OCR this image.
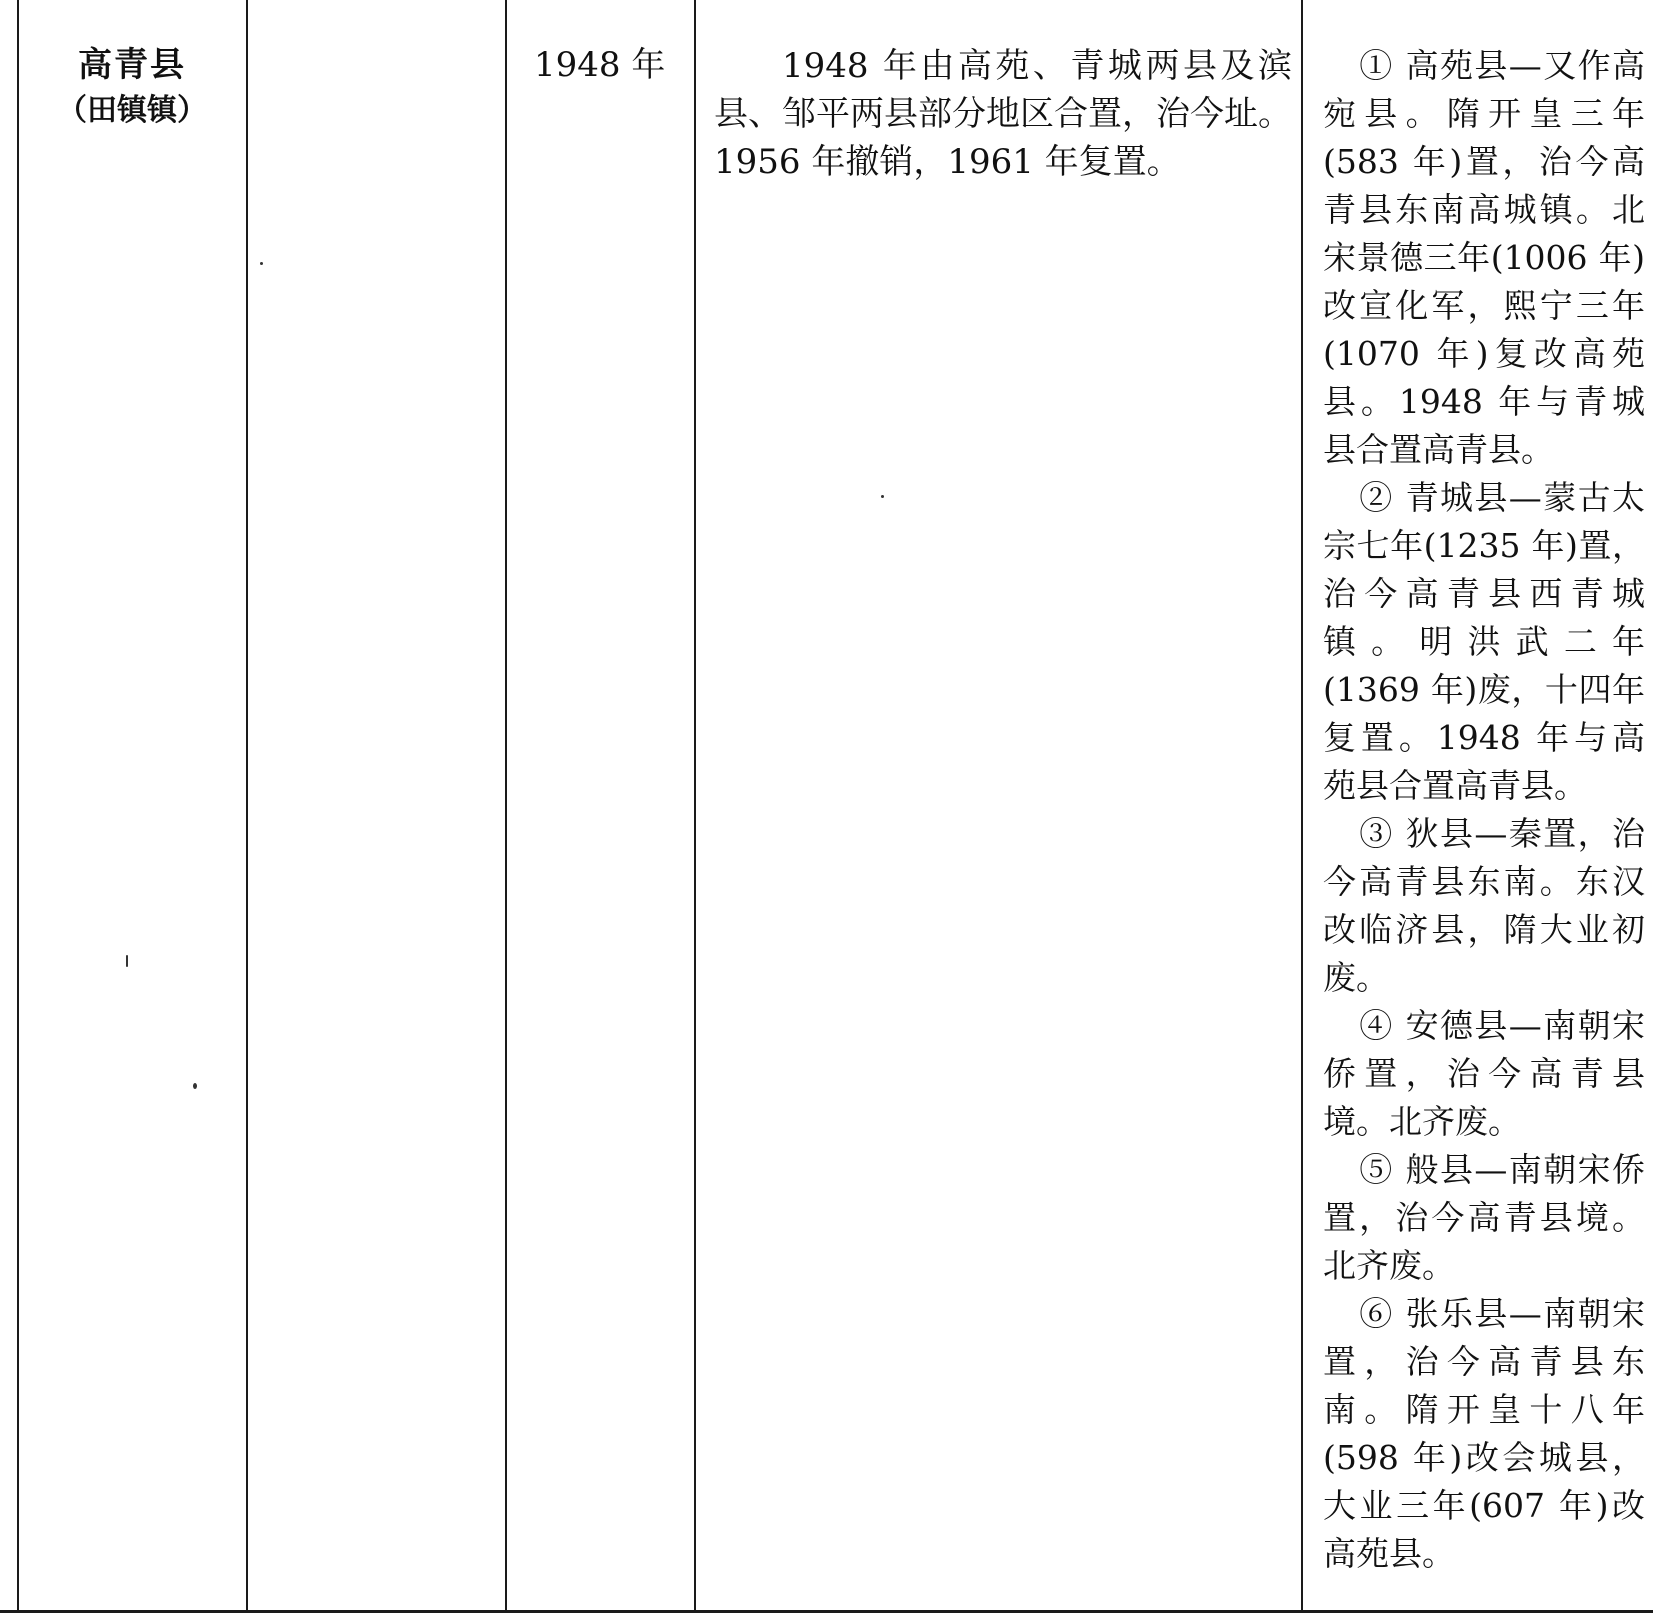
高青县
（田镇镇）
1948 年	1948 年由高苑、青城两县及滨县、邹平两县部分地区合置，治今址。1956 年撤销，1961 年复置。

① 高苑县—又作高宛县。隋开皇三年(583 年)置，治今高青县东南高城镇。北宋景德三年(1006 年)改宣化军，熙宁三年(1070 年)复改高苑县。1948 年与青城县合置高青县。

② 青城县—蒙古太宗七年(1235 年)置，治今高青县西青城镇。明洪武二年(1369 年)废，十四年复置。1948 年与高苑县合置高青县。

③ 狄县—秦置，治今高青县东南。东汉改临济县，隋大业初废。

④ 安德县—南朝宋侨置，治今高青县境。北齐废。

⑤ 般县—南朝宋侨置，治今高青县境。北齐废。

⑥ 张乐县—南朝宋置，治今高青县东南。隋开皇十八年(598 年)改会城县，大业三年(607 年)改高苑县。
